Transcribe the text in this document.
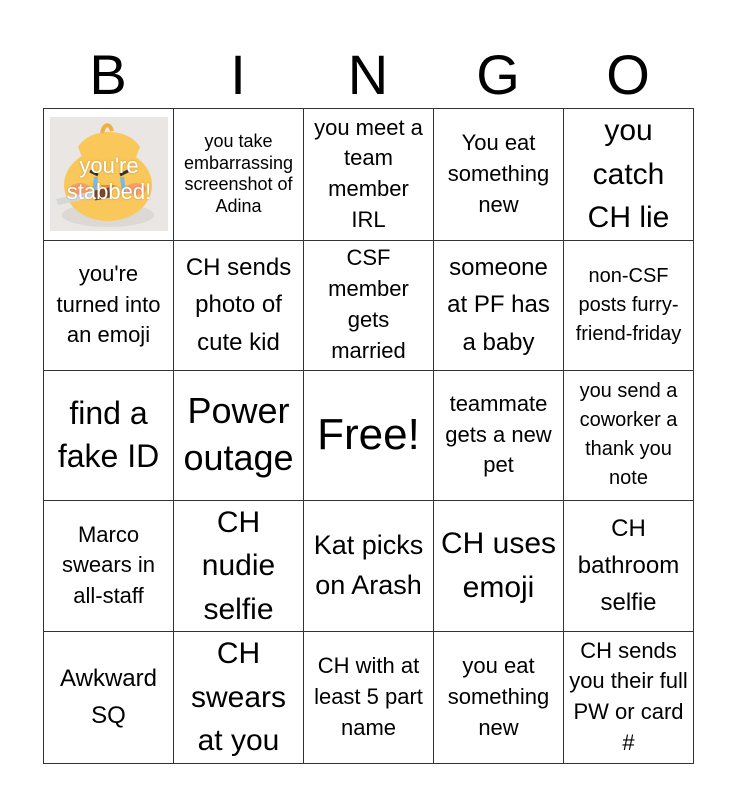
B	I	N	G	O
you're stabbed!	you take embarrassing screenshot of Adina	you meet a team member IRL	You eat something new	you catch CH lie
you're turned into an emoji	CH sends photo of cute kid	CSF member gets married	someone at PF has a baby	non-CSF posts furry-friend-friday
find a fake ID	Power outage	Free!	teammate gets a new pet	you send a coworker a thank you note
Marco swears in all-staff	CH nudie selfie	Kat picks on Arash	CH uses emoji	CH bathroom selfie
Awkward SQ	CH swears at you	CH with at least 5 part name	you eat something new	CH sends you their full PW or card #
